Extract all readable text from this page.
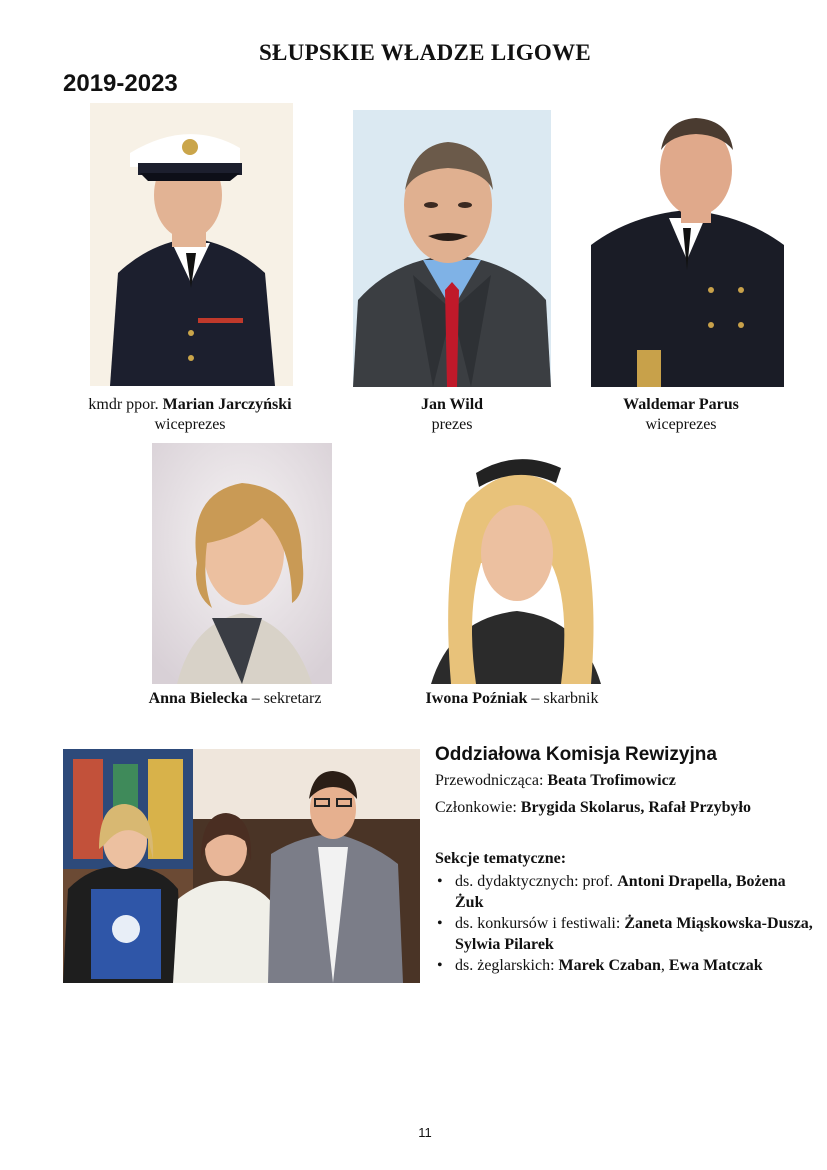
SŁUPSKIE WŁADZE LIGOWE
2019-2023
kmdr ppor. Marian Jarczyński
wiceprezes
Jan Wild
prezes
Waldemar Parus
wiceprezes
Anna Bielecka – sekretarz	Iwona Poźniak – skarbnik
Oddziałowa Komisja Rewizyjna
Przewodnicząca: Beata Trofimowicz
Członkowie: Brygida Skolarus, Rafał Przybyło
Sekcje tematyczne:
• ds. dydaktycznych: prof. Antoni Drapella, Bożena Żuk
• ds. konkursów i festiwali: Żaneta Miąskowska-Dusza, Sylwia Pilarek
• ds. żeglarskich: Marek Czaban, Ewa Matczak
11
